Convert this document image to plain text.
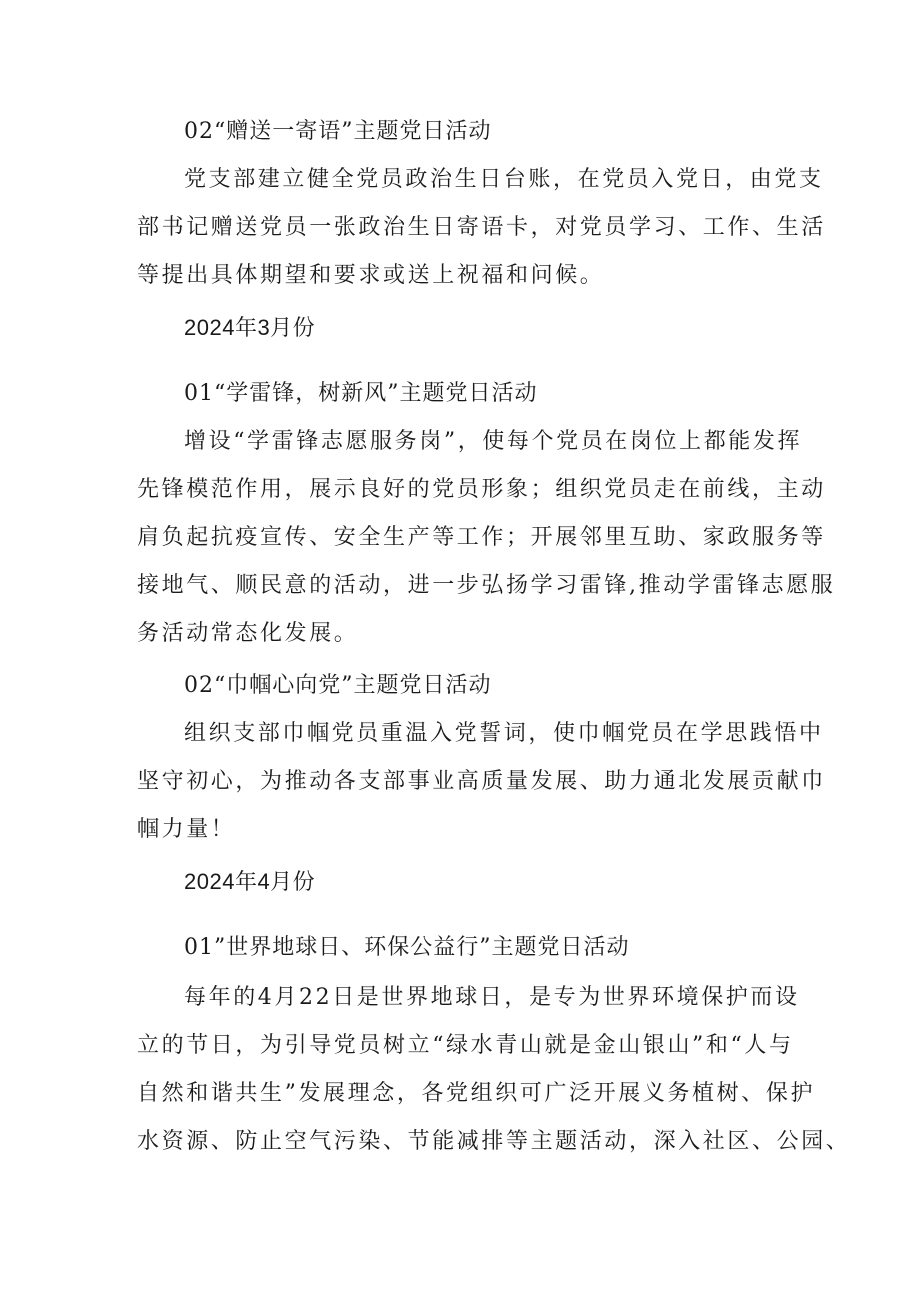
02“赠送一寄语”主题党日活动
党支部建立健全党员政治生日台账，在党员入党日，由党支
部书记赠送党员一张政治生日寄语卡，对党员学习、工作、生活
等提出具体期望和要求或送上祝福和问候。
2024年3月份
01“学雷锋，树新风”主题党日活动
增设“学雷锋志愿服务岗”，使每个党员在岗位上都能发挥
先锋模范作用，展示良好的党员形象；组织党员走在前线，主动
肩负起抗疫宣传、安全生产等工作；开展邻里互助、家政服务等
接地气、顺民意的活动，进一步弘扬学习雷锋,推动学雷锋志愿服
务活动常态化发展。
02“巾帼心向党”主题党日活动
组织支部巾帼党员重温入党誓词，使巾帼党员在学思践悟中
坚守初心，为推动各支部事业高质量发展、助力通北发展贡献巾
帼力量！
2024年4月份
01”世界地球日、环保公益行”主题党日活动
每年的4月22日是世界地球日，是专为世界环境保护而设
立的节日，为引导党员树立“绿水青山就是金山银山”和“人与
自然和谐共生”发展理念，各党组织可广泛开展义务植树、保护
水资源、防止空气污染、节能减排等主题活动，深入社区、公园、
